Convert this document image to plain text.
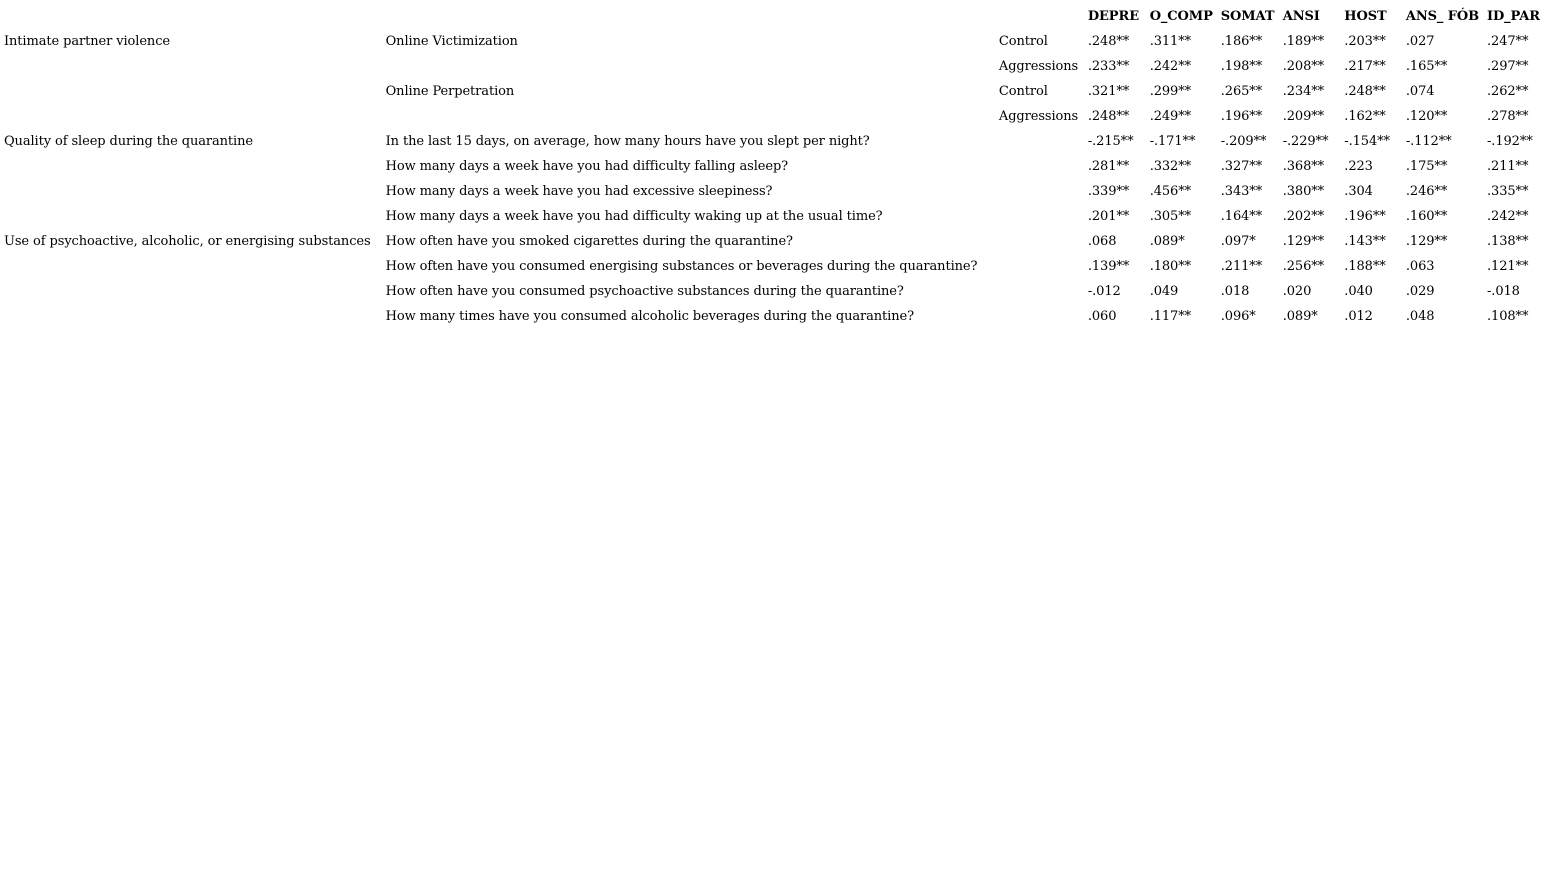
			DEPRE	O_COMP	SOMAT	ANSI	HOST	ANS_ FÓB	ID_PAR
Intimate partner violence	Online Victimization	Control	.248**	.311**	.186**	.189**	.203**	.027	.247**
		Aggressions	.233**	.242**	.198**	.208**	.217**	.165**	.297**
	Online Perpetration	Control	.321**	.299**	.265**	.234**	.248**	.074	.262**
		Aggressions	.248**	.249**	.196**	.209**	.162**	.120**	.278**
Quality of sleep during the quarantine	In the last 15 days, on average, how many hours have you slept per night?		-.215**	-.171**	-.209**	-.229**	-.154**	-.112**	-.192**
	How many days a week have you had difficulty falling asleep?		.281**	.332**	.327**	.368**	.223	.175**	.211**
	How many days a week have you had excessive sleepiness?		.339**	.456**	.343**	.380**	.304	.246**	.335**
	How many days a week have you had difficulty waking up at the usual time?		.201**	.305**	.164**	.202**	.196**	.160**	.242**
Use of psychoactive, alcoholic, or energising substances	How often have you smoked cigarettes during the quarantine?		.068	.089*	.097*	.129**	.143**	.129**	.138**
	How often have you consumed energising substances or beverages during the quarantine?		.139**	.180**	.211**	.256**	.188**	.063	.121**
	How often have you consumed psychoactive substances during the quarantine?		-.012	.049	.018	.020	.040	.029	-.018
	How many times have you consumed alcoholic beverages during the quarantine?		.060	.117**	.096*	.089*	.012	.048	.108**
